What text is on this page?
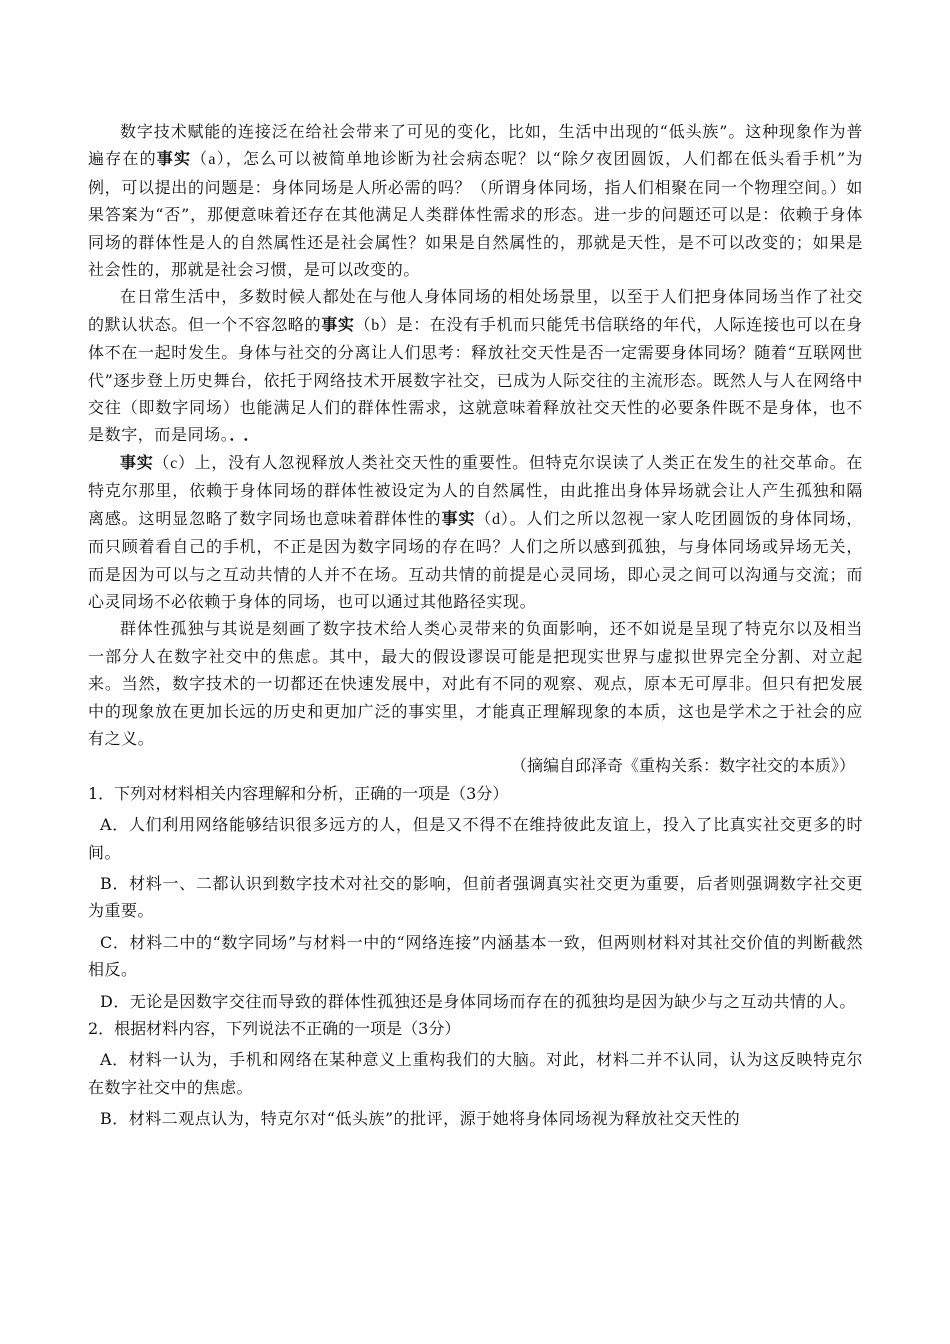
数字技术赋能的连接泛在给社会带来了可见的变化，比如，生活中出现的“低头族”。这种现象作为普遍存在的事实（a），怎么可以被简单地诊断为社会病态呢？以“除夕夜团圆饭，人们都在低头看手机”为例，可以提出的问题是：身体同场是人所必需的吗？（所谓身体同场，指人们相聚在同一个物理空间。）如果答案为“否”，那便意味着还存在其他满足人类群体性需求的形态。进一步的问题还可以是：依赖于身体同场的群体性是人的自然属性还是社会属性？如果是自然属性的，那就是天性，是不可以改变的；如果是社会性的，那就是社会习惯，是可以改变的。

在日常生活中，多数时候人都处在与他人身体同场的相处场景里，以至于人们把身体同场当作了社交的默认状态。但一个不容忽略的事实（b）是：在没有手机而只能凭书信联络的年代，人际连接也可以在身体不在一起时发生。身体与社交的分离让人们思考：释放社交天性是否一定需要身体同场？随着“互联网世代”逐步登上历史舞台，依托于网络技术开展数字社交，已成为人际交往的主流形态。既然人与人在网络中交往（即数字同场）也能满足人们的群体性需求，这就意味着释放社交天性的必要条件既不是身体，也不是数字，而是同场。．．

事实（c）上，没有人忽视释放人类社交天性的重要性。但特克尔误读了人类正在发生的社交革命。在特克尔那里，依赖于身体同场的群体性被设定为人的自然属性，由此推出身体异场就会让人产生孤独和隔离感。这明显忽略了数字同场也意味着群体性的事实（d）。人们之所以忽视一家人吃团圆饭的身体同场，而只顾着看自己的手机，不正是因为数字同场的存在吗？人们之所以感到孤独，与身体同场或异场无关，而是因为可以与之互动共情的人并不在场。互动共情的前提是心灵同场，即心灵之间可以沟通与交流；而心灵同场不必依赖于身体的同场，也可以通过其他路径实现。

群体性孤独与其说是刻画了数字技术给人类心灵带来的负面影响，还不如说是呈现了特克尔以及相当一部分人在数字社交中的焦虑。其中，最大的假设谬误可能是把现实世界与虚拟世界完全分割、对立起来。当然，数字技术的一切都还在快速发展中，对此有不同的观察、观点，原本无可厚非。但只有把发展中的现象放在更加长远的历史和更加广泛的事实里，才能真正理解现象的本质，这也是学术之于社会的应有之义。

（摘编自邱泽奇《重构关系：数字社交的本质》）

1．下列对材料相关内容理解和分析，正确的一项是（3分）

A．人们利用网络能够结识很多远方的人，但是又不得不在维持彼此友谊上，投入了比真实社交更多的时间。

B．材料一、二都认识到数字技术对社交的影响，但前者强调真实社交更为重要，后者则强调数字社交更为重要。

C．材料二中的“数字同场”与材料一中的“网络连接”内涵基本一致，但两则材料对其社交价值的判断截然相反。

D．无论是因数字交往而导致的群体性孤独还是身体同场而存在的孤独均是因为缺少与之互动共情的人。

2．根据材料内容，下列说法不正确的一项是（3分）

A．材料一认为，手机和网络在某种意义上重构我们的大脑。对此，材料二并不认同，认为这反映特克尔在数字社交中的焦虑。

B．材料二观点认为，特克尔对“低头族”的批评，源于她将身体同场视为释放社交天性的
